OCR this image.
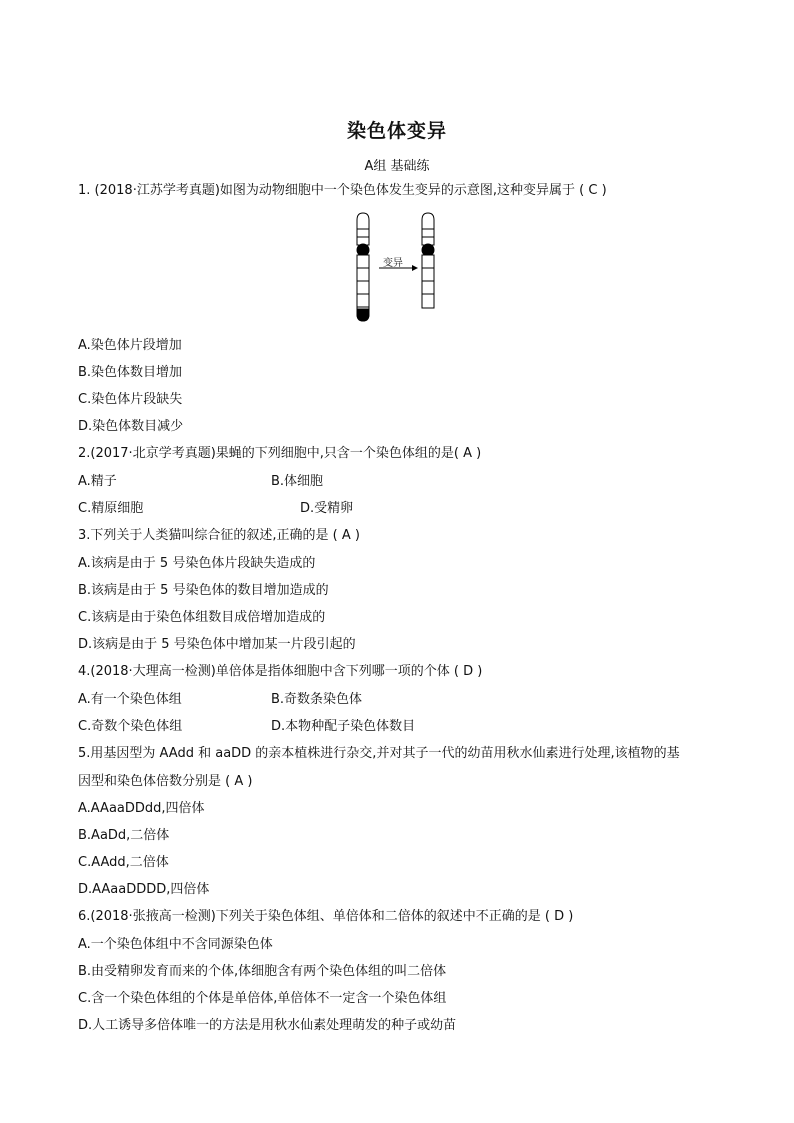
染色体变异
A组 基础练
1. (2018·江苏学考真题)如图为动物细胞中一个染色体发生变异的示意图,这种变异属于 ( C )
变异
A.染色体片段增加
B.染色体数目增加
C.染色体片段缺失
D.染色体数目减少
2.(2017·北京学考真题)果蝇的下列细胞中,只含一个染色体组的是( A )
A.精子	B.体细胞
C.精原细胞	D.受精卵
3.下列关于人类猫叫综合征的叙述,正确的是 ( A )
A.该病是由于 5 号染色体片段缺失造成的
B.该病是由于 5 号染色体的数目增加造成的
C.该病是由于染色体组数目成倍增加造成的
D.该病是由于 5 号染色体中增加某一片段引起的
4.(2018·大理高一检测)单倍体是指体细胞中含下列哪一项的个体 ( D )
A.有一个染色体组	B.奇数条染色体
C.奇数个染色体组	D.本物种配子染色体数目
5.用基因型为 AAdd 和 aaDD 的亲本植株进行杂交,并对其子一代的幼苗用秋水仙素进行处理,该植物的基
因型和染色体倍数分别是 ( A )
A.AAaaDDdd,四倍体
B.AaDd,二倍体
C.AAdd,二倍体
D.AAaaDDDD,四倍体
6.(2018·张掖高一检测)下列关于染色体组、单倍体和二倍体的叙述中不正确的是 ( D )
A.一个染色体组中不含同源染色体
B.由受精卵发育而来的个体,体细胞含有两个染色体组的叫二倍体
C.含一个染色体组的个体是单倍体,单倍体不一定含一个染色体组
D.人工诱导多倍体唯一的方法是用秋水仙素处理萌发的种子或幼苗
